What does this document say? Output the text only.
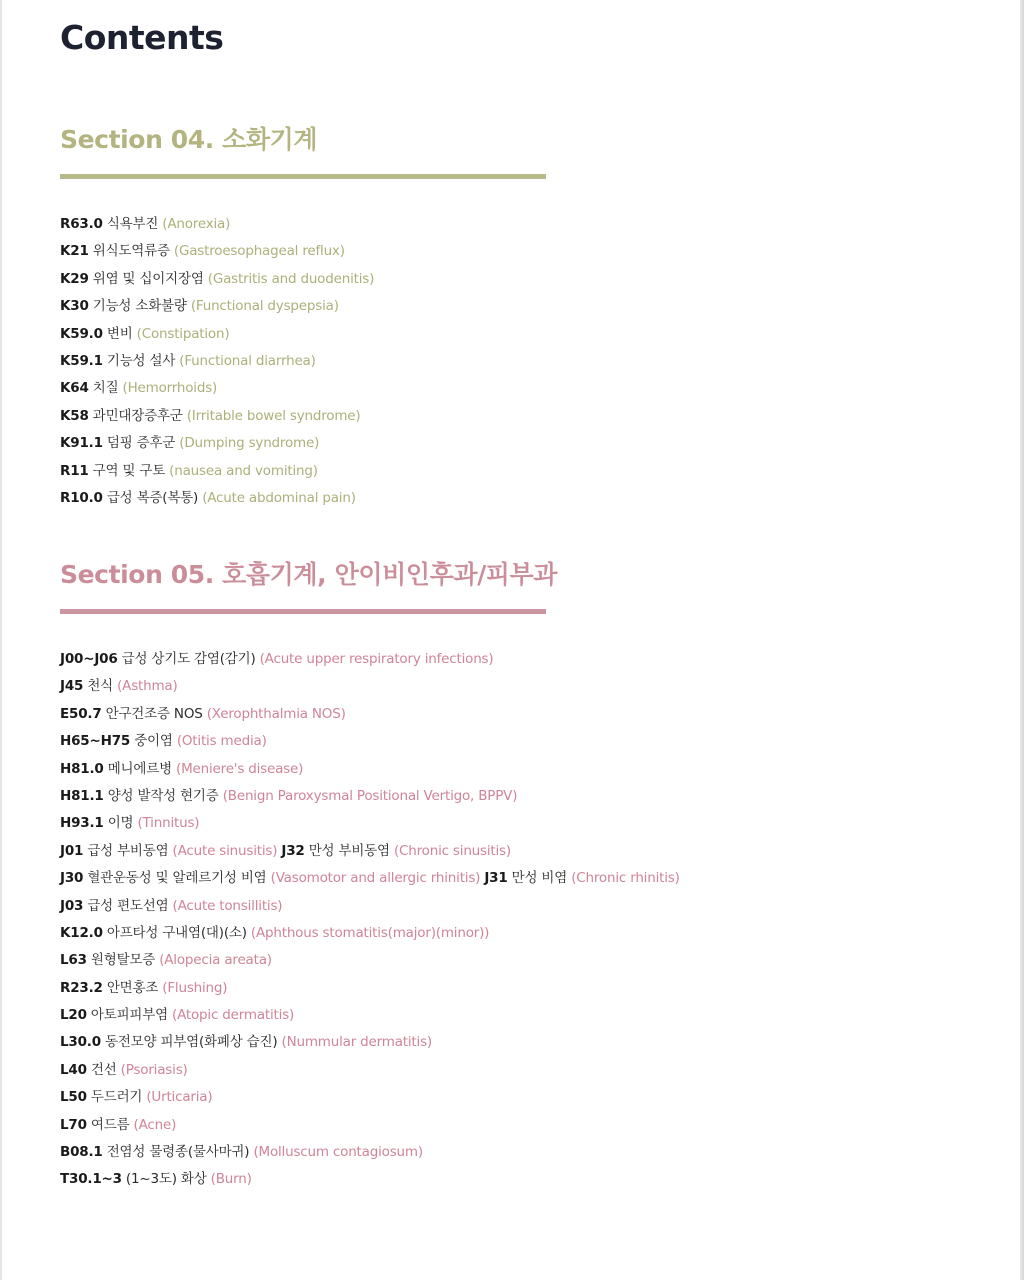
Contents
Section 04. 소화기계
R63.0 식욕부진 (Anorexia)
K21 위식도역류증 (Gastroesophageal reflux)
K29 위염 및 십이지장염 (Gastritis and duodenitis)
K30 기능성 소화불량 (Functional dyspepsia)
K59.0 변비 (Constipation)
K59.1 기능성 설사 (Functional diarrhea)
K64 치질 (Hemorrhoids)
K58 과민대장증후군 (Irritable bowel syndrome)
K91.1 덤핑 증후군 (Dumping syndrome)
R11 구역 및 구토 (nausea and vomiting)
R10.0 급성 복증(복통) (Acute abdominal pain)
Section 05. 호흡기계, 안이비인후과/피부과
J00~J06 급성 상기도 감염(감기) (Acute upper respiratory infections)
J45 천식 (Asthma)
E50.7 안구건조증 NOS (Xerophthalmia NOS)
H65~H75 중이염 (Otitis media)
H81.0 메니에르병 (Meniere's disease)
H81.1 양성 발작성 현기증 (Benign Paroxysmal Positional Vertigo, BPPV)
H93.1 이명 (Tinnitus)
J01 급성 부비동염 (Acute sinusitis) J32 만성 부비동염 (Chronic sinusitis)
J30 혈관운동성 및 알레르기성 비염 (Vasomotor and allergic rhinitis) J31 만성 비염 (Chronic rhinitis)
J03 급성 편도선염 (Acute tonsillitis)
K12.0 아프타성 구내염(대)(소) (Aphthous stomatitis(major)(minor))
L63 원형탈모증 (Alopecia areata)
R23.2 안면홍조 (Flushing)
L20 아토피피부염 (Atopic dermatitis)
L30.0 동전모양 피부염(화폐상 습진) (Nummular dermatitis)
L40 건선 (Psoriasis)
L50 두드러기 (Urticaria)
L70 여드름 (Acne)
B08.1 전염성 물령종(물사마귀) (Molluscum contagiosum)
T30.1~3 (1~3도) 화상 (Burn)
